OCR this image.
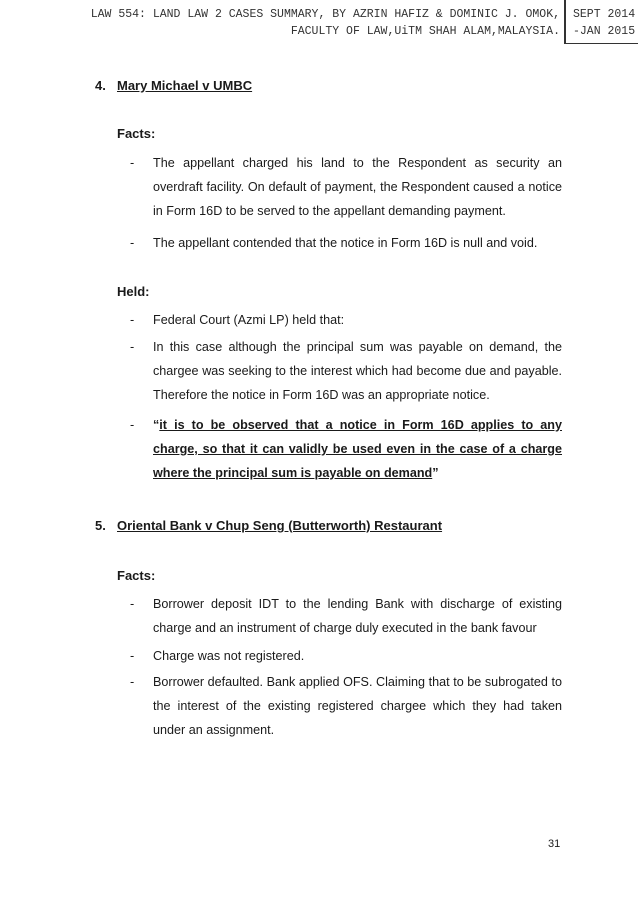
LAW 554: LAND LAW 2 CASES SUMMARY, BY AZRIN HAFIZ & DOMINIC J. OMOK,
FACULTY OF LAW,UiTM SHAH ALAM,MALAYSIA.
SEPT 2014
-JAN 2015
4. Mary Michael v UMBC
Facts:
- The appellant charged his land to the Respondent as security an overdraft facility. On default of payment, the Respondent caused a notice in Form 16D to be served to the appellant demanding payment.
- The appellant contended that the notice in Form 16D is null and void.
Held:
- Federal Court (Azmi LP) held that:
- In this case although the principal sum was payable on demand, the chargee was seeking to the interest which had become due and payable. Therefore the notice in Form 16D was an appropriate notice.
- “it is to be observed that a notice in Form 16D applies to any charge, so that it can validly be used even in the case of a charge where the principal sum is payable on demand”
5. Oriental Bank v Chup Seng (Butterworth) Restaurant
Facts:
- Borrower deposit IDT to the lending Bank with discharge of existing charge and an instrument of charge duly executed in the bank favour
- Charge was not registered.
- Borrower defaulted. Bank applied OFS. Claiming that to be subrogated to the interest of the existing registered chargee which they had taken under an assignment.
31
